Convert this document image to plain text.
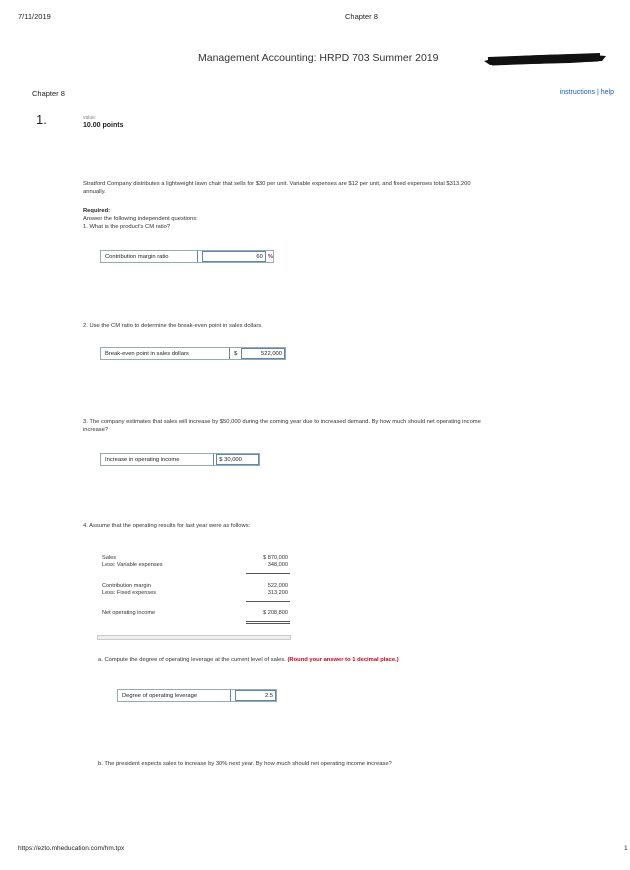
7/11/2019	Chapter 8
Management Accounting: HRPD 703 Summer 2019
Chapter 8	instructions | help
1.	value:
10.00 points
Stratford Company distributes a lightweight lawn chair that sells for $30 per unit. Variable expenses are $12 per unit, and fixed expenses total $313,200 annually.
Required:
Answer the following independent questions:
1. What is the product's CM ratio?
Contribution margin ratio	60 %
2. Use the CM ratio to determine the break-even point in sales dollars.
Break-even point in sales dollars	$	522,000
3. The company estimates that sales will increase by $50,000 during the coming year due to increased demand. By how much should net operating income increase?
Increase in operating income	$ 30,000
4. Assume that the operating results for last year were as follows:
Sales	$ 870,000
Less: Variable expenses	348,000
Contribution margin	522,000
Less: Fixed expenses	313,200
Net operating income	$ 208,800
a. Compute the degree of operating leverage at the current level of sales. (Round your answer to 1 decimal place.)
Degree of operating leverage	2.5
b. The president expects sales to increase by 30% next year. By how much should net operating income increase?
https://ezto.mheducation.com/hm.tpx	1
